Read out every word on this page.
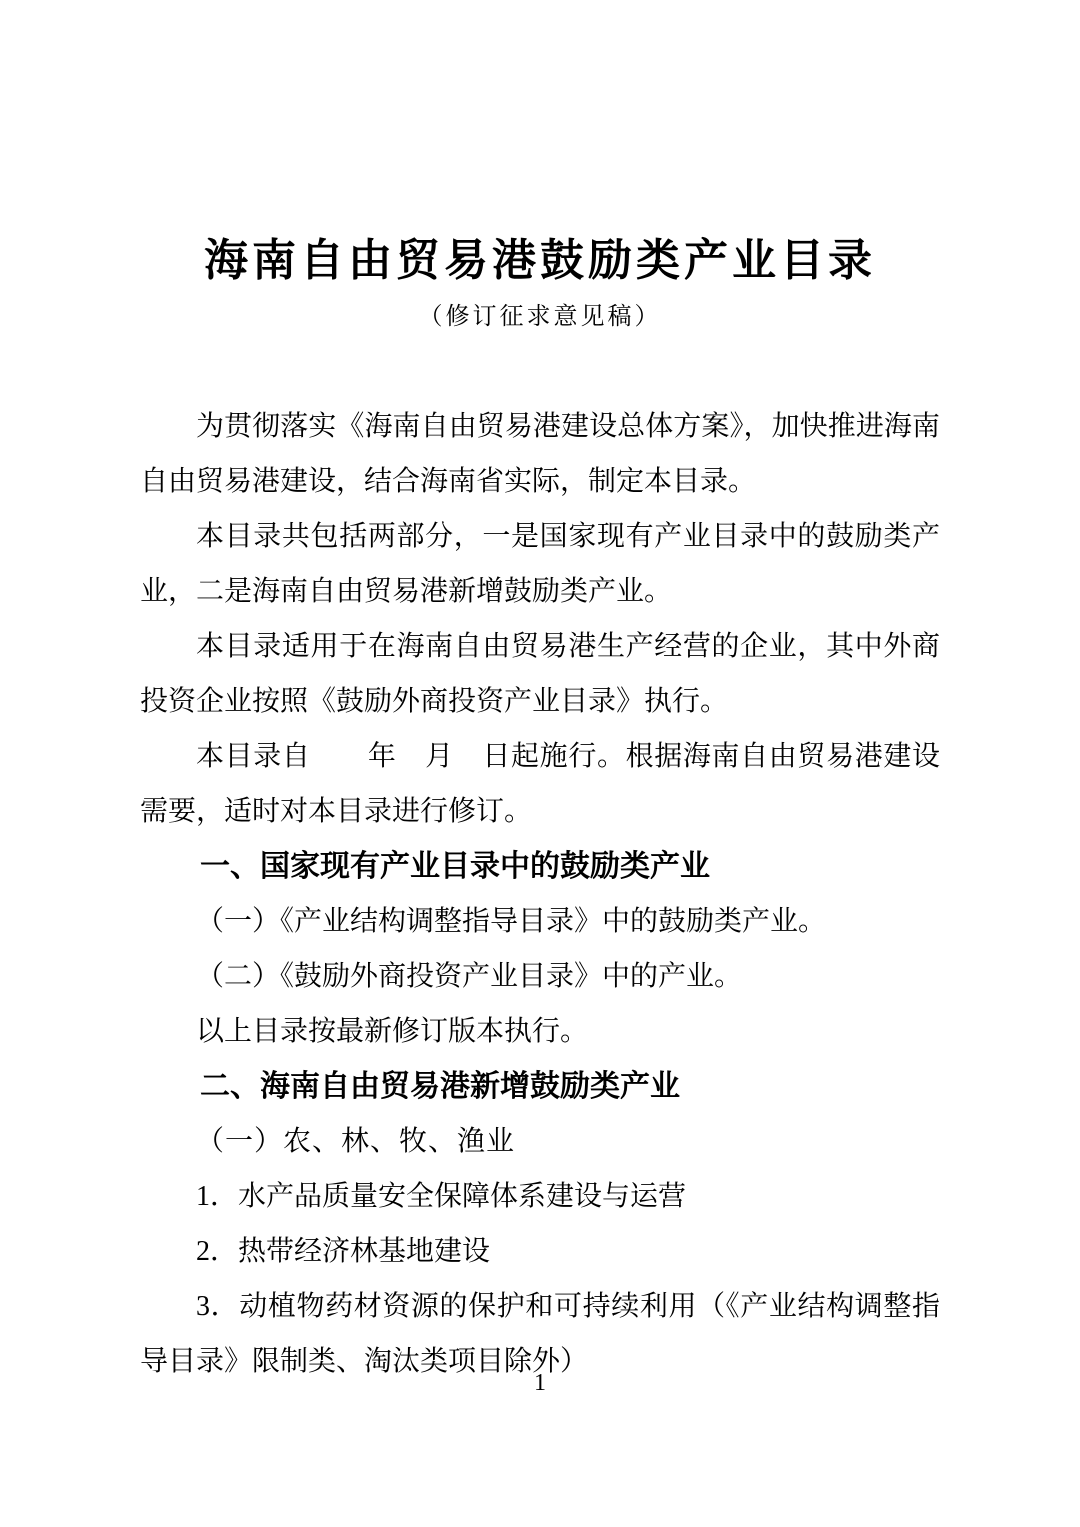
海南自由贸易港鼓励类产业目录
（修订征求意见稿）

为贯彻落实《海南自由贸易港建设总体方案》，加快推进海南自由贸易港建设，结合海南省实际，制定本目录。

本目录共包括两部分，一是国家现有产业目录中的鼓励类产业，二是海南自由贸易港新增鼓励类产业。

本目录适用于在海南自由贸易港生产经营的企业，其中外商投资企业按照《鼓励外商投资产业目录》执行。

本目录自　　年　月　日起施行。根据海南自由贸易港建设需要，适时对本目录进行修订。

一、国家现有产业目录中的鼓励类产业

（一）《产业结构调整指导目录》中的鼓励类产业。

（二）《鼓励外商投资产业目录》中的产业。

以上目录按最新修订版本执行。

二、海南自由贸易港新增鼓励类产业

（一）农、林、牧、渔业

1．水产品质量安全保障体系建设与运营

2．热带经济林基地建设

3．动植物药材资源的保护和可持续利用（《产业结构调整指导目录》限制类、淘汰类项目除外）

1
